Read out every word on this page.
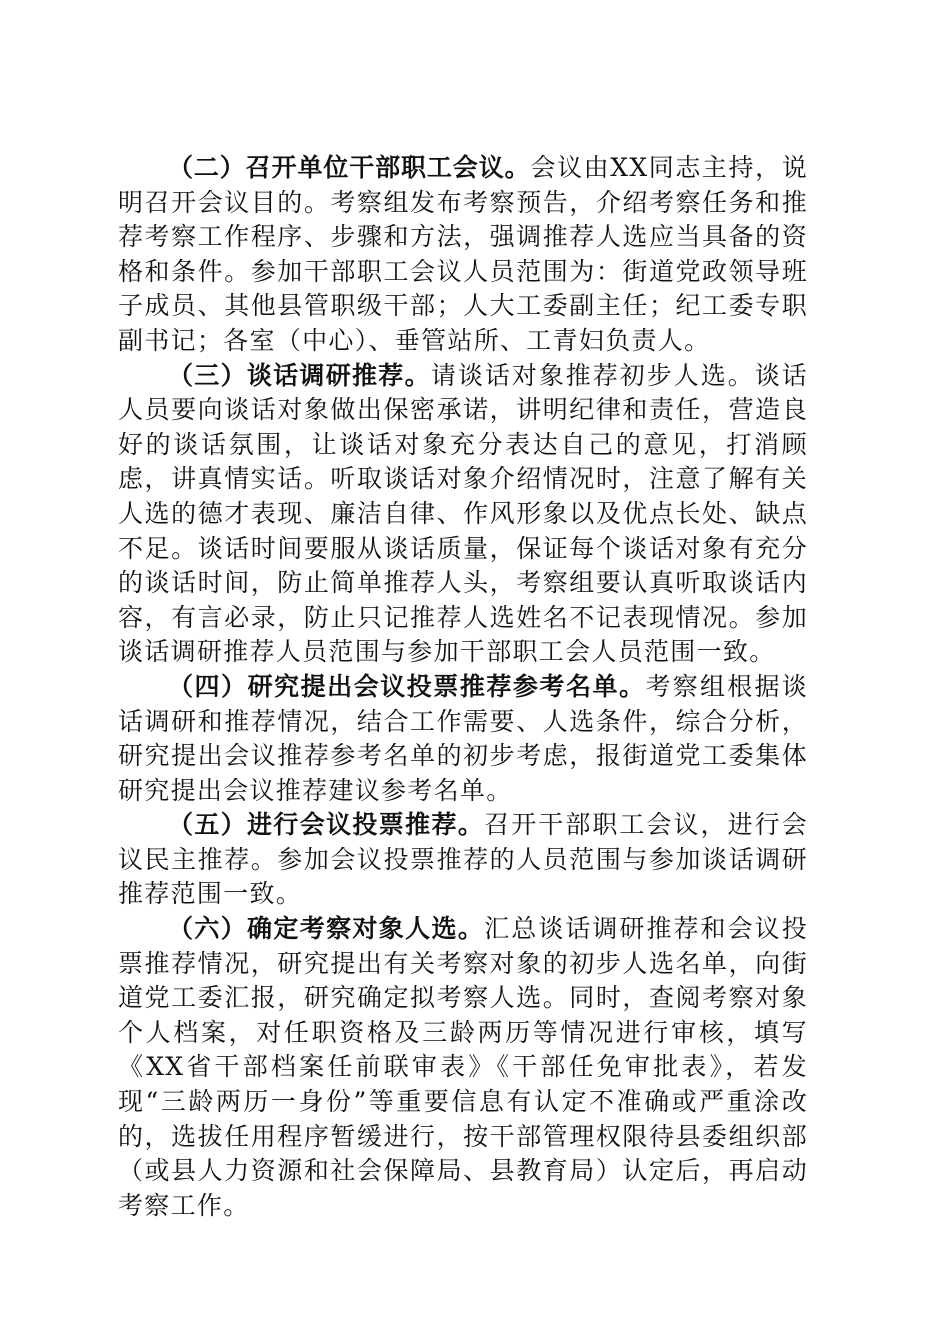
（二）召开单位干部职工会议。会议由XX同志主持，说明召开会议目的。考察组发布考察预告，介绍考察任务和推荐考察工作程序、步骤和方法，强调推荐人选应当具备的资格和条件。参加干部职工会议人员范围为：街道党政领导班子成员、其他县管职级干部；人大工委副主任；纪工委专职副书记；各室（中心）、垂管站所、工青妇负责人。

（三）谈话调研推荐。请谈话对象推荐初步人选。谈话人员要向谈话对象做出保密承诺，讲明纪律和责任，营造良好的谈话氛围，让谈话对象充分表达自己的意见，打消顾虑，讲真情实话。听取谈话对象介绍情况时，注意了解有关人选的德才表现、廉洁自律、作风形象以及优点长处、缺点不足。谈话时间要服从谈话质量，保证每个谈话对象有充分的谈话时间，防止简单推荐人头，考察组要认真听取谈话内容，有言必录，防止只记推荐人选姓名不记表现情况。参加谈话调研推荐人员范围与参加干部职工会人员范围一致。

（四）研究提出会议投票推荐参考名单。考察组根据谈话调研和推荐情况，结合工作需要、人选条件，综合分析，研究提出会议推荐参考名单的初步考虑，报街道党工委集体研究提出会议推荐建议参考名单。

（五）进行会议投票推荐。召开干部职工会议，进行会议民主推荐。参加会议投票推荐的人员范围与参加谈话调研推荐范围一致。

（六）确定考察对象人选。汇总谈话调研推荐和会议投票推荐情况，研究提出有关考察对象的初步人选名单，向街道党工委汇报，研究确定拟考察人选。同时，查阅考察对象个人档案，对任职资格及三龄两历等情况进行审核，填写《XX省干部档案任前联审表》《干部任免审批表》，若发现“三龄两历一身份”等重要信息有认定不准确或严重涂改的，选拔任用程序暂缓进行，按干部管理权限待县委组织部（或县人力资源和社会保障局、县教育局）认定后，再启动考察工作。
